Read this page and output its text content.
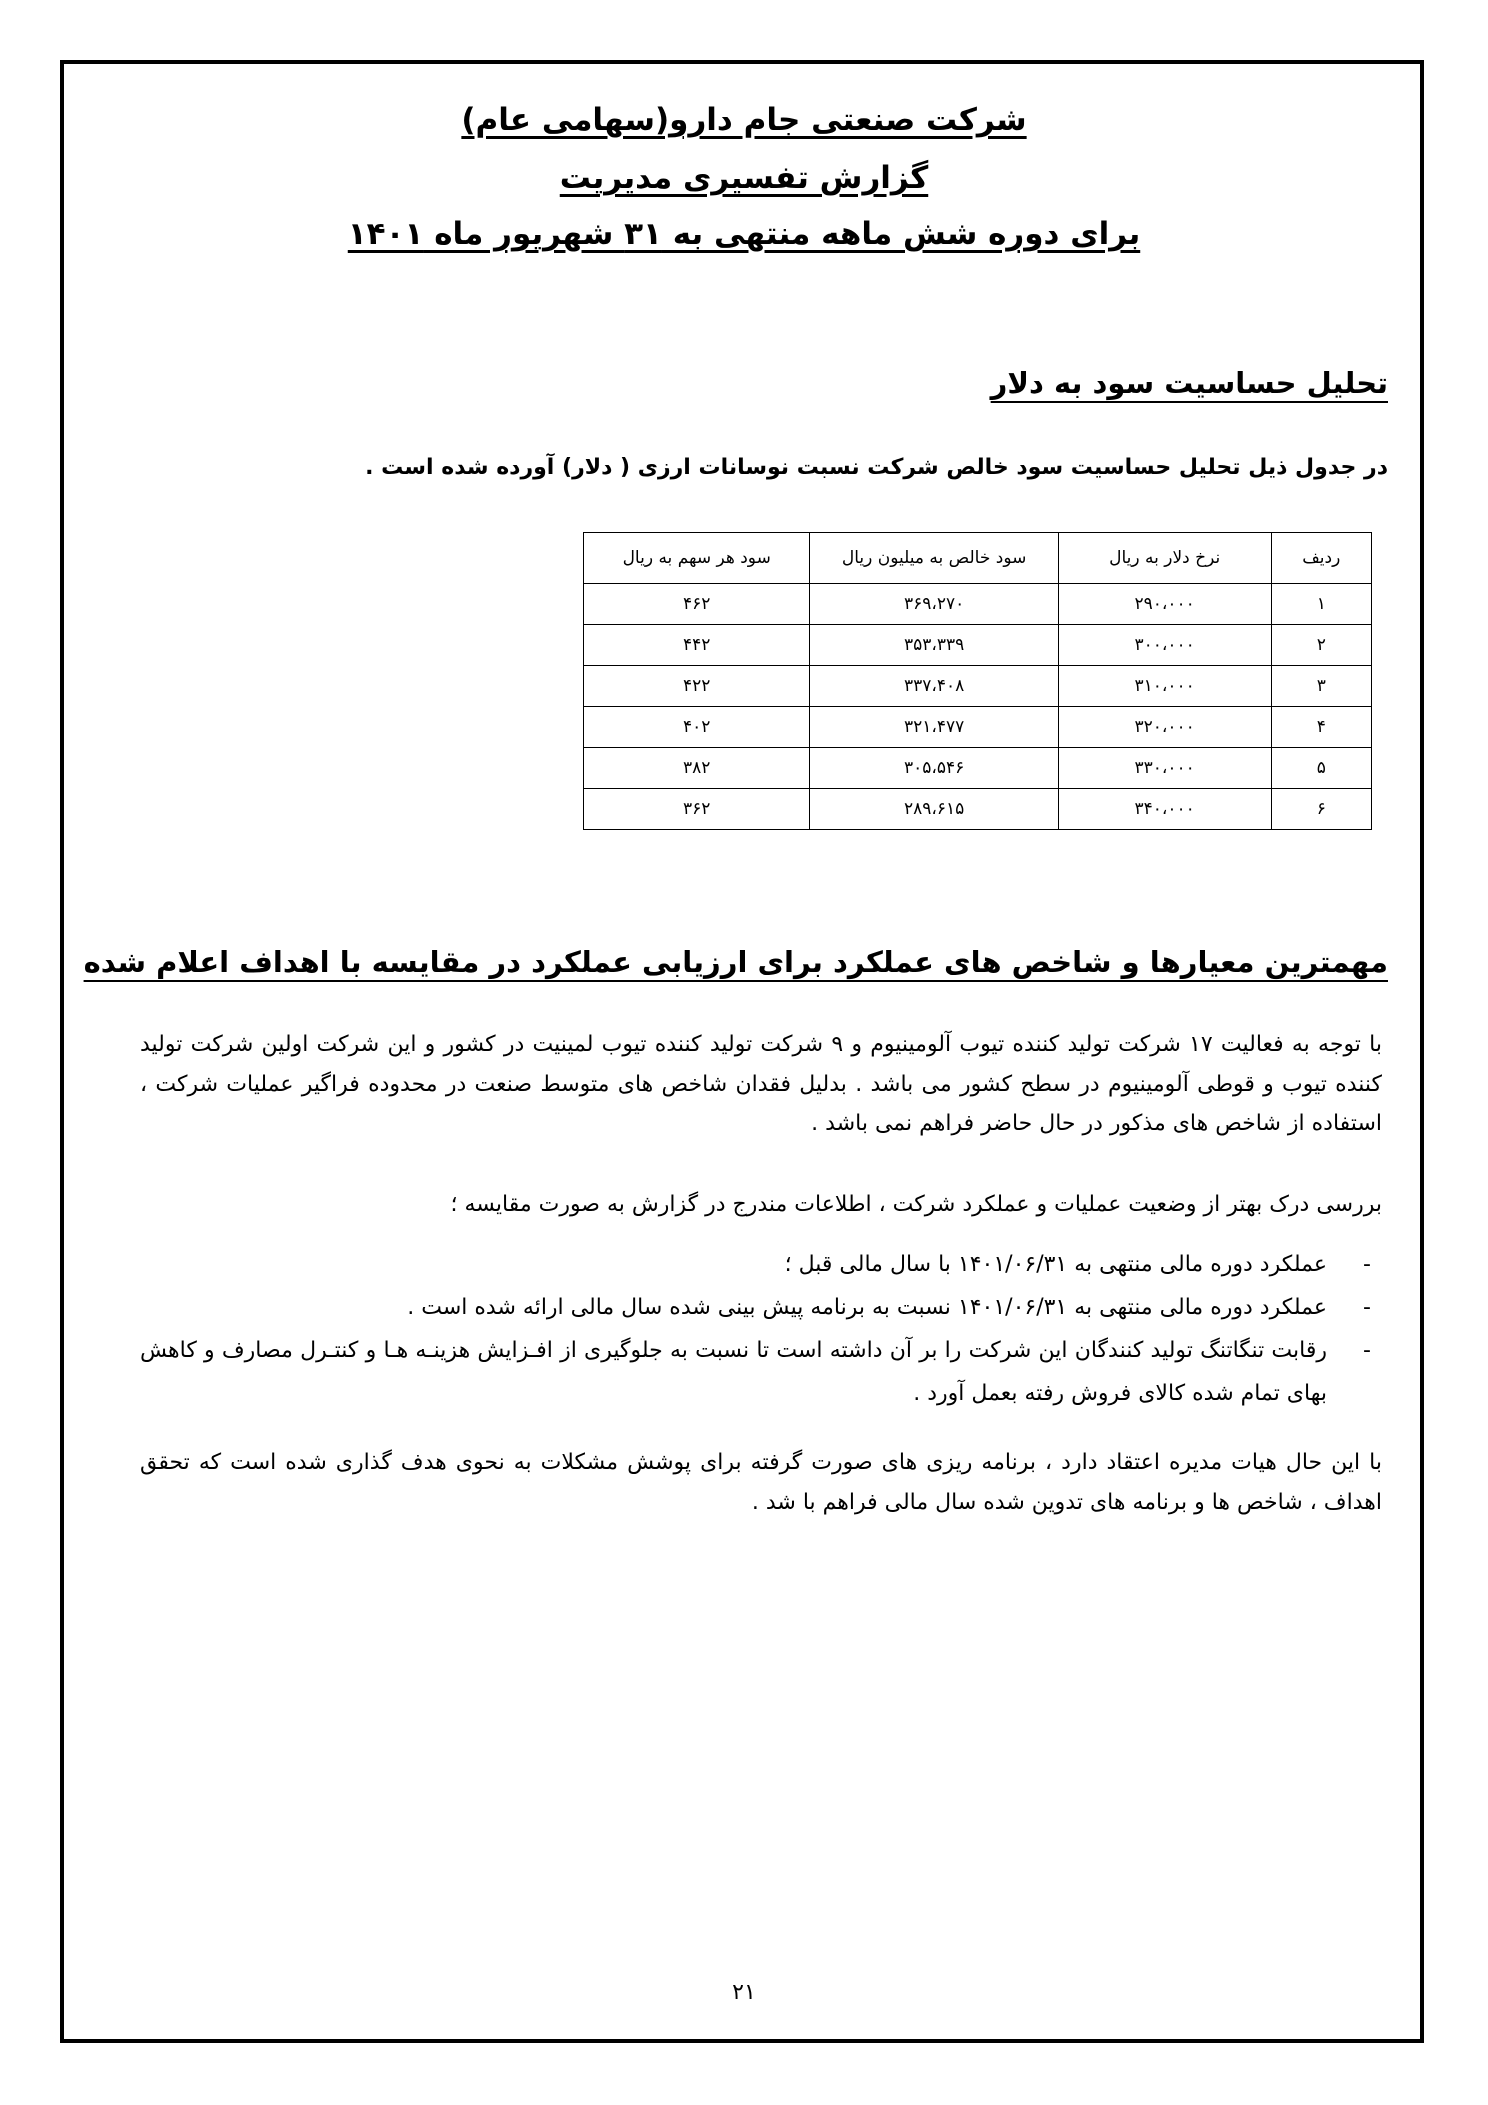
شرکت صنعتی جام دارو(سهامی عام)
گزارش تفسیری مدیریت
برای دوره شش ماهه منتهی به ۳۱ شهریور ماه ۱۴۰۱
تحلیل حساسیت سود به دلار
در جدول ذیل تحلیل حساسیت سود خالص شرکت نسبت نوسانات ارزی ( دلار) آورده شده است .
ردیف	نرخ دلار به ریال	سود خالص به میلیون ریال	سود هر سهم به ریال
۱	۲۹۰،۰۰۰	۳۶۹،۲۷۰	۴۶۲
۲	۳۰۰،۰۰۰	۳۵۳،۳۳۹	۴۴۲
۳	۳۱۰،۰۰۰	۳۳۷،۴۰۸	۴۲۲
۴	۳۲۰،۰۰۰	۳۲۱،۴۷۷	۴۰۲
۵	۳۳۰،۰۰۰	۳۰۵،۵۴۶	۳۸۲
۶	۳۴۰،۰۰۰	۲۸۹،۶۱۵	۳۶۲
مهمترین معیارها و شاخص های عملکرد برای ارزیابی عملکرد در مقایسه با اهداف اعلام شده

با توجه به فعالیت ۱۷ شرکت تولید کننده تیوب آلومینیوم و ۹ شرکت تولید کننده تیوب لمینیت در کشور و این شرکت اولین شرکت تولید کننده تیوب و قوطی آلومینیوم در سطح کشور می باشد . بدلیل فقدان شاخص های متوسط صنعت در محدوده فراگیر عملیات شرکت ، استفاده از شاخص های مذکور در حال حاضر فراهم نمی باشد .

بررسی درک بهتر از وضعیت عملیات و عملکرد شرکت ، اطلاعات مندرج در گزارش به صورت مقایسه ؛

-
عملکرد دوره مالی منتهی به ۱۴۰۱/۰۶/۳۱ با سال مالی قبل ؛
-
عملکرد دوره مالی منتهی به ۱۴۰۱/۰۶/۳۱ نسبت به برنامه پیش بینی شده سال مالی ارائه شده است .
-
رقابت تنگاتنگ تولید کنندگان این شرکت را بر آن داشته است تا نسبت به جلوگیری از افـزایش هزینـه هـا و کنتـرل مصارف و کاهش بهای تمام شده کالای فروش رفته بعمل آورد .

با این حال هیات مدیره اعتقاد دارد ، برنامه ریزی های صورت گرفته برای پوشش مشکلات به نحوی هدف گذاری شده است که تحقق اهداف ، شاخص ها و برنامه های تدوین شده سال مالی فراهم با شد .

۲۱
